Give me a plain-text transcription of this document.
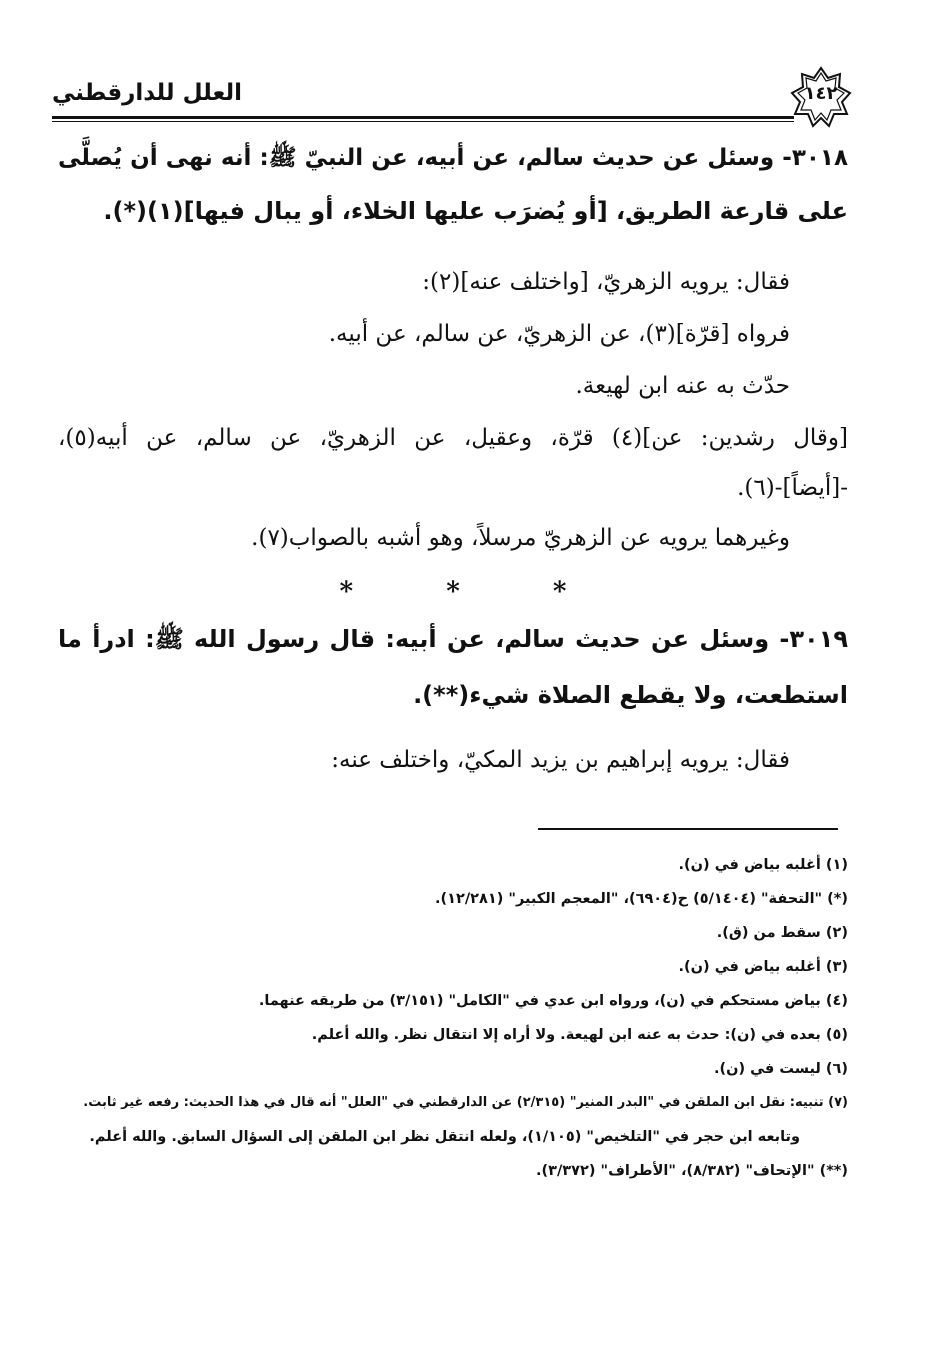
العلل للدارقطني	١٤٢
٣٠١٨- وسئل عن حديث سالم، عن أبيه، عن النبيّ ﷺ: أنه نهى أن يُصلَّى
على قارعة الطريق، [أو يُضرَب عليها الخلاء، أو يبال فيها](١)(*).
فقال: يرويه الزهريّ، [واختلف عنه](٢):
فرواه [قرّة](٣)، عن الزهريّ، عن سالم، عن أبيه.
حدّث به عنه ابن لهيعة.
[وقال رشدين: عن](٤) قرّة، وعقيل، عن الزهريّ، عن سالم، عن أبيه(٥)،
-[أيضاً]-(٦).
وغيرهما يرويه عن الزهريّ مرسلاً، وهو أشبه بالصواب(٧).
* * *
٣٠١٩- وسئل عن حديث سالم، عن أبيه: قال رسول الله ﷺ: ادرأ ما
استطعت، ولا يقطع الصلاة شيء(**).
فقال: يرويه إبراهيم بن يزيد المكيّ، واختلف عنه:
(١) أغلبه بياض في (ن).
(*) "التحفة" (٥/١٤٠٤) ح(٦٩٠٤)، "المعجم الكبير" (١٢/٢٨١).
(٢) سقط من (ق).
(٣) أغلبه بياض في (ن).
(٤) بياض مستحكم في (ن)، ورواه ابن عدي في "الكامل" (٣/١٥١) من طريقه عنهما.
(٥) بعده في (ن): حدث به عنه ابن لهيعة. ولا أراه إلا انتقال نظر. والله أعلم.
(٦) ليست في (ن).
(٧) تنبيه: نقل ابن الملقن في "البدر المنير" (٢/٣١٥) عن الدارقطني في "العلل" أنه قال في هذا الحديث: رفعه غير ثابت.
وتابعه ابن حجر في "التلخيص" (١/١٠٥)، ولعله انتقل نظر ابن الملقن إلى السؤال السابق. والله أعلم.
(**) "الإتحاف" (٨/٣٨٢)، "الأطراف" (٣/٣٧٢).
